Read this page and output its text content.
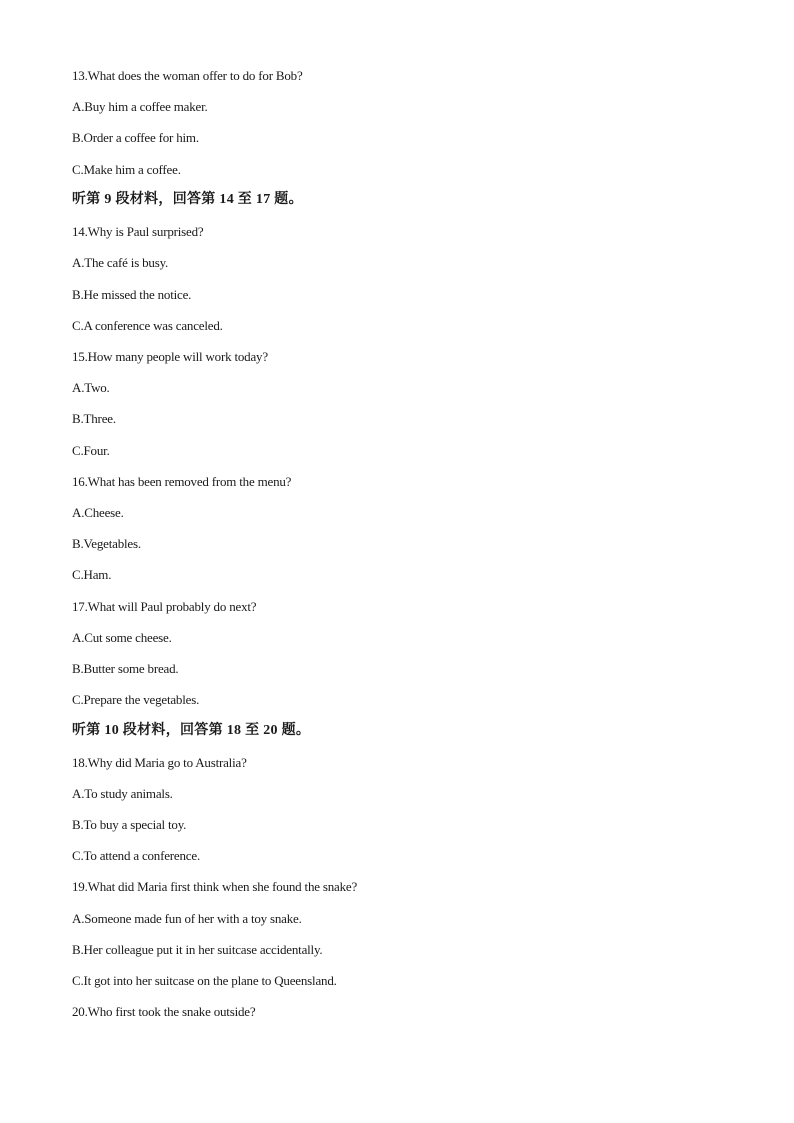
13.What does the woman offer to do for Bob?
A.Buy him a coffee maker.
B.Order a coffee for him.
C.Make him a coffee.
听第 9 段材料，回答第 14 至 17 题。
14.Why is Paul surprised?
A.The café is busy.
B.He missed the notice.
C.A conference was canceled.
15.How many people will work today?
A.Two.
B.Three.
C.Four.
16.What has been removed from the menu?
A.Cheese.
B.Vegetables.
C.Ham.
17.What will Paul probably do next?
A.Cut some cheese.
B.Butter some bread.
C.Prepare the vegetables.
听第 10 段材料，回答第 18 至 20 题。
18.Why did Maria go to Australia?
A.To study animals.
B.To buy a special toy.
C.To attend a conference.
19.What did Maria first think when she found the snake?
A.Someone made fun of her with a toy snake.
B.Her colleague put it in her suitcase accidentally.
C.It got into her suitcase on the plane to Queensland.
20.Who first took the snake outside?
